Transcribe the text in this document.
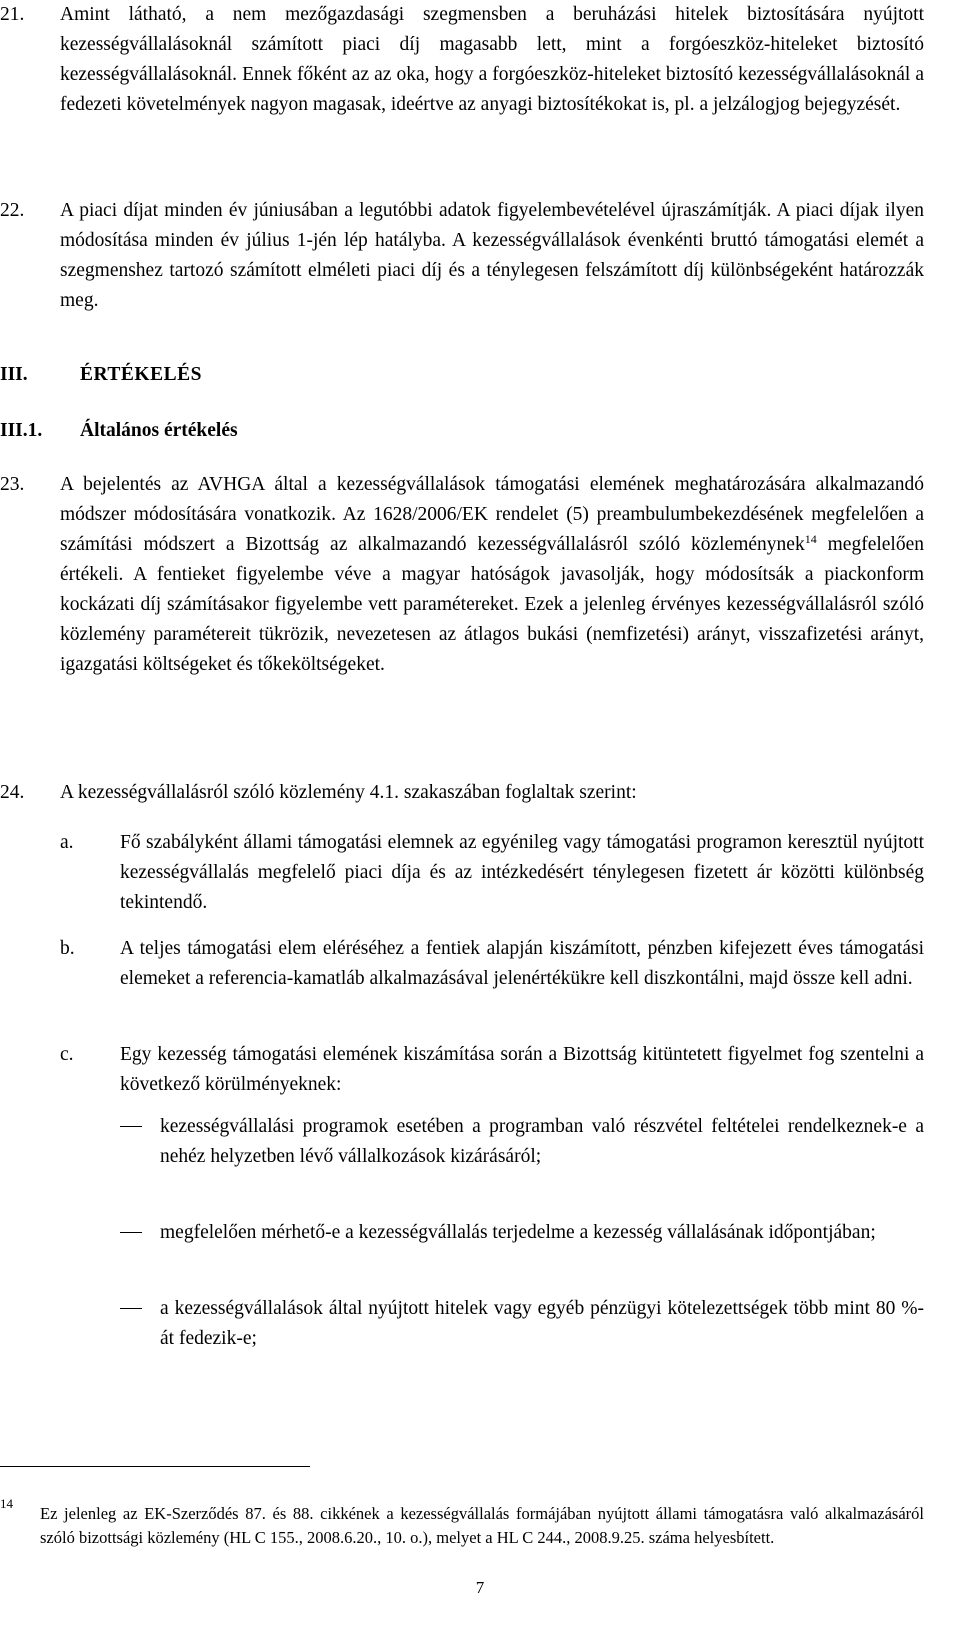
21. Amint látható, a nem mezőgazdasági szegmensben a beruházási hitelek biztosítására nyújtott kezességvállalásoknál számított piaci díj magasabb lett, mint a forgóeszköz-hiteleket biztosító kezességvállalásoknál. Ennek főként az az oka, hogy a forgóeszköz-hiteleket biztosító kezességvállalásoknál a fedezeti követelmények nagyon magasak, ideértve az anyagi biztosítékokat is, pl. a jelzálogjog bejegyzését.
22. A piaci díjat minden év júniusában a legutóbbi adatok figyelembevételével újraszámítják. A piaci díjak ilyen módosítása minden év július 1-jén lép hatályba. A kezességvállalások évenkénti bruttó támogatási elemét a szegmenshez tartozó számított elméleti piaci díj és a ténylegesen felszámított díj különbségeként határozzák meg.
III.	ÉRTÉKELÉS
III.1. Általános értékelés
23. A bejelentés az AVHGA által a kezességvállalások támogatási elemének meghatározására alkalmazandó módszer módosítására vonatkozik. Az 1628/2006/EK rendelet (5) preambulumbekezdésének megfelelően a számítási módszert a Bizottság az alkalmazandó kezességvállalásról szóló közleménynek$^{14}$ megfelelően értékeli. A fentieket figyelembe véve a magyar hatóságok javasolják, hogy módosítsák a piackonform kockázati díj számításakor figyelembe vett paramétereket. Ezek a jelenleg érvényes kezességvállalásról szóló közlemény paramétereit tükrözik, nevezetesen az átlagos bukási (nemfizetési) arányt, visszafizetési arányt, igazgatási költségeket és tőkeköltségeket.
24. A kezességvállalásról szóló közlemény 4.1. szakaszában foglaltak szerint:
a. Fő szabályként állami támogatási elemnek az egyénileg vagy támogatási programon keresztül nyújtott kezességvállalás megfelelő piaci díja és az intézkedésért ténylegesen fizetett ár közötti különbség tekintendő.
b. A teljes támogatási elem eléréséhez a fentiek alapján kiszámított, pénzben kifejezett éves támogatási elemeket a referencia-kamatláb alkalmazásával jelenértékükre kell diszkontálni, majd össze kell adni.
c. Egy kezesség támogatási elemének kiszámítása során a Bizottság kitüntetett figyelmet fog szentelni a következő körülményeknek:
kezességvállalási programok esetében a programban való részvétel feltételei rendelkeznek-e a nehéz helyzetben lévő vállalkozások kizárásáról;
megfelelően mérhető-e a kezességvállalás terjedelme a kezesség vállalásának időpontjában;
a kezességvállalások által nyújtott hitelek vagy egyéb pénzügyi kötelezettségek több mint 80 %-át fedezik-e;
14
Ez jelenleg az EK-Szerződés 87. és 88. cikkének a kezességvállalás formájában nyújtott állami támogatásra való alkalmazásáról szóló bizottsági közlemény (HL C 155., 2008.6.20., 10. o.), melyet a HL C 244., 2008.9.25. száma helyesbített.
7
